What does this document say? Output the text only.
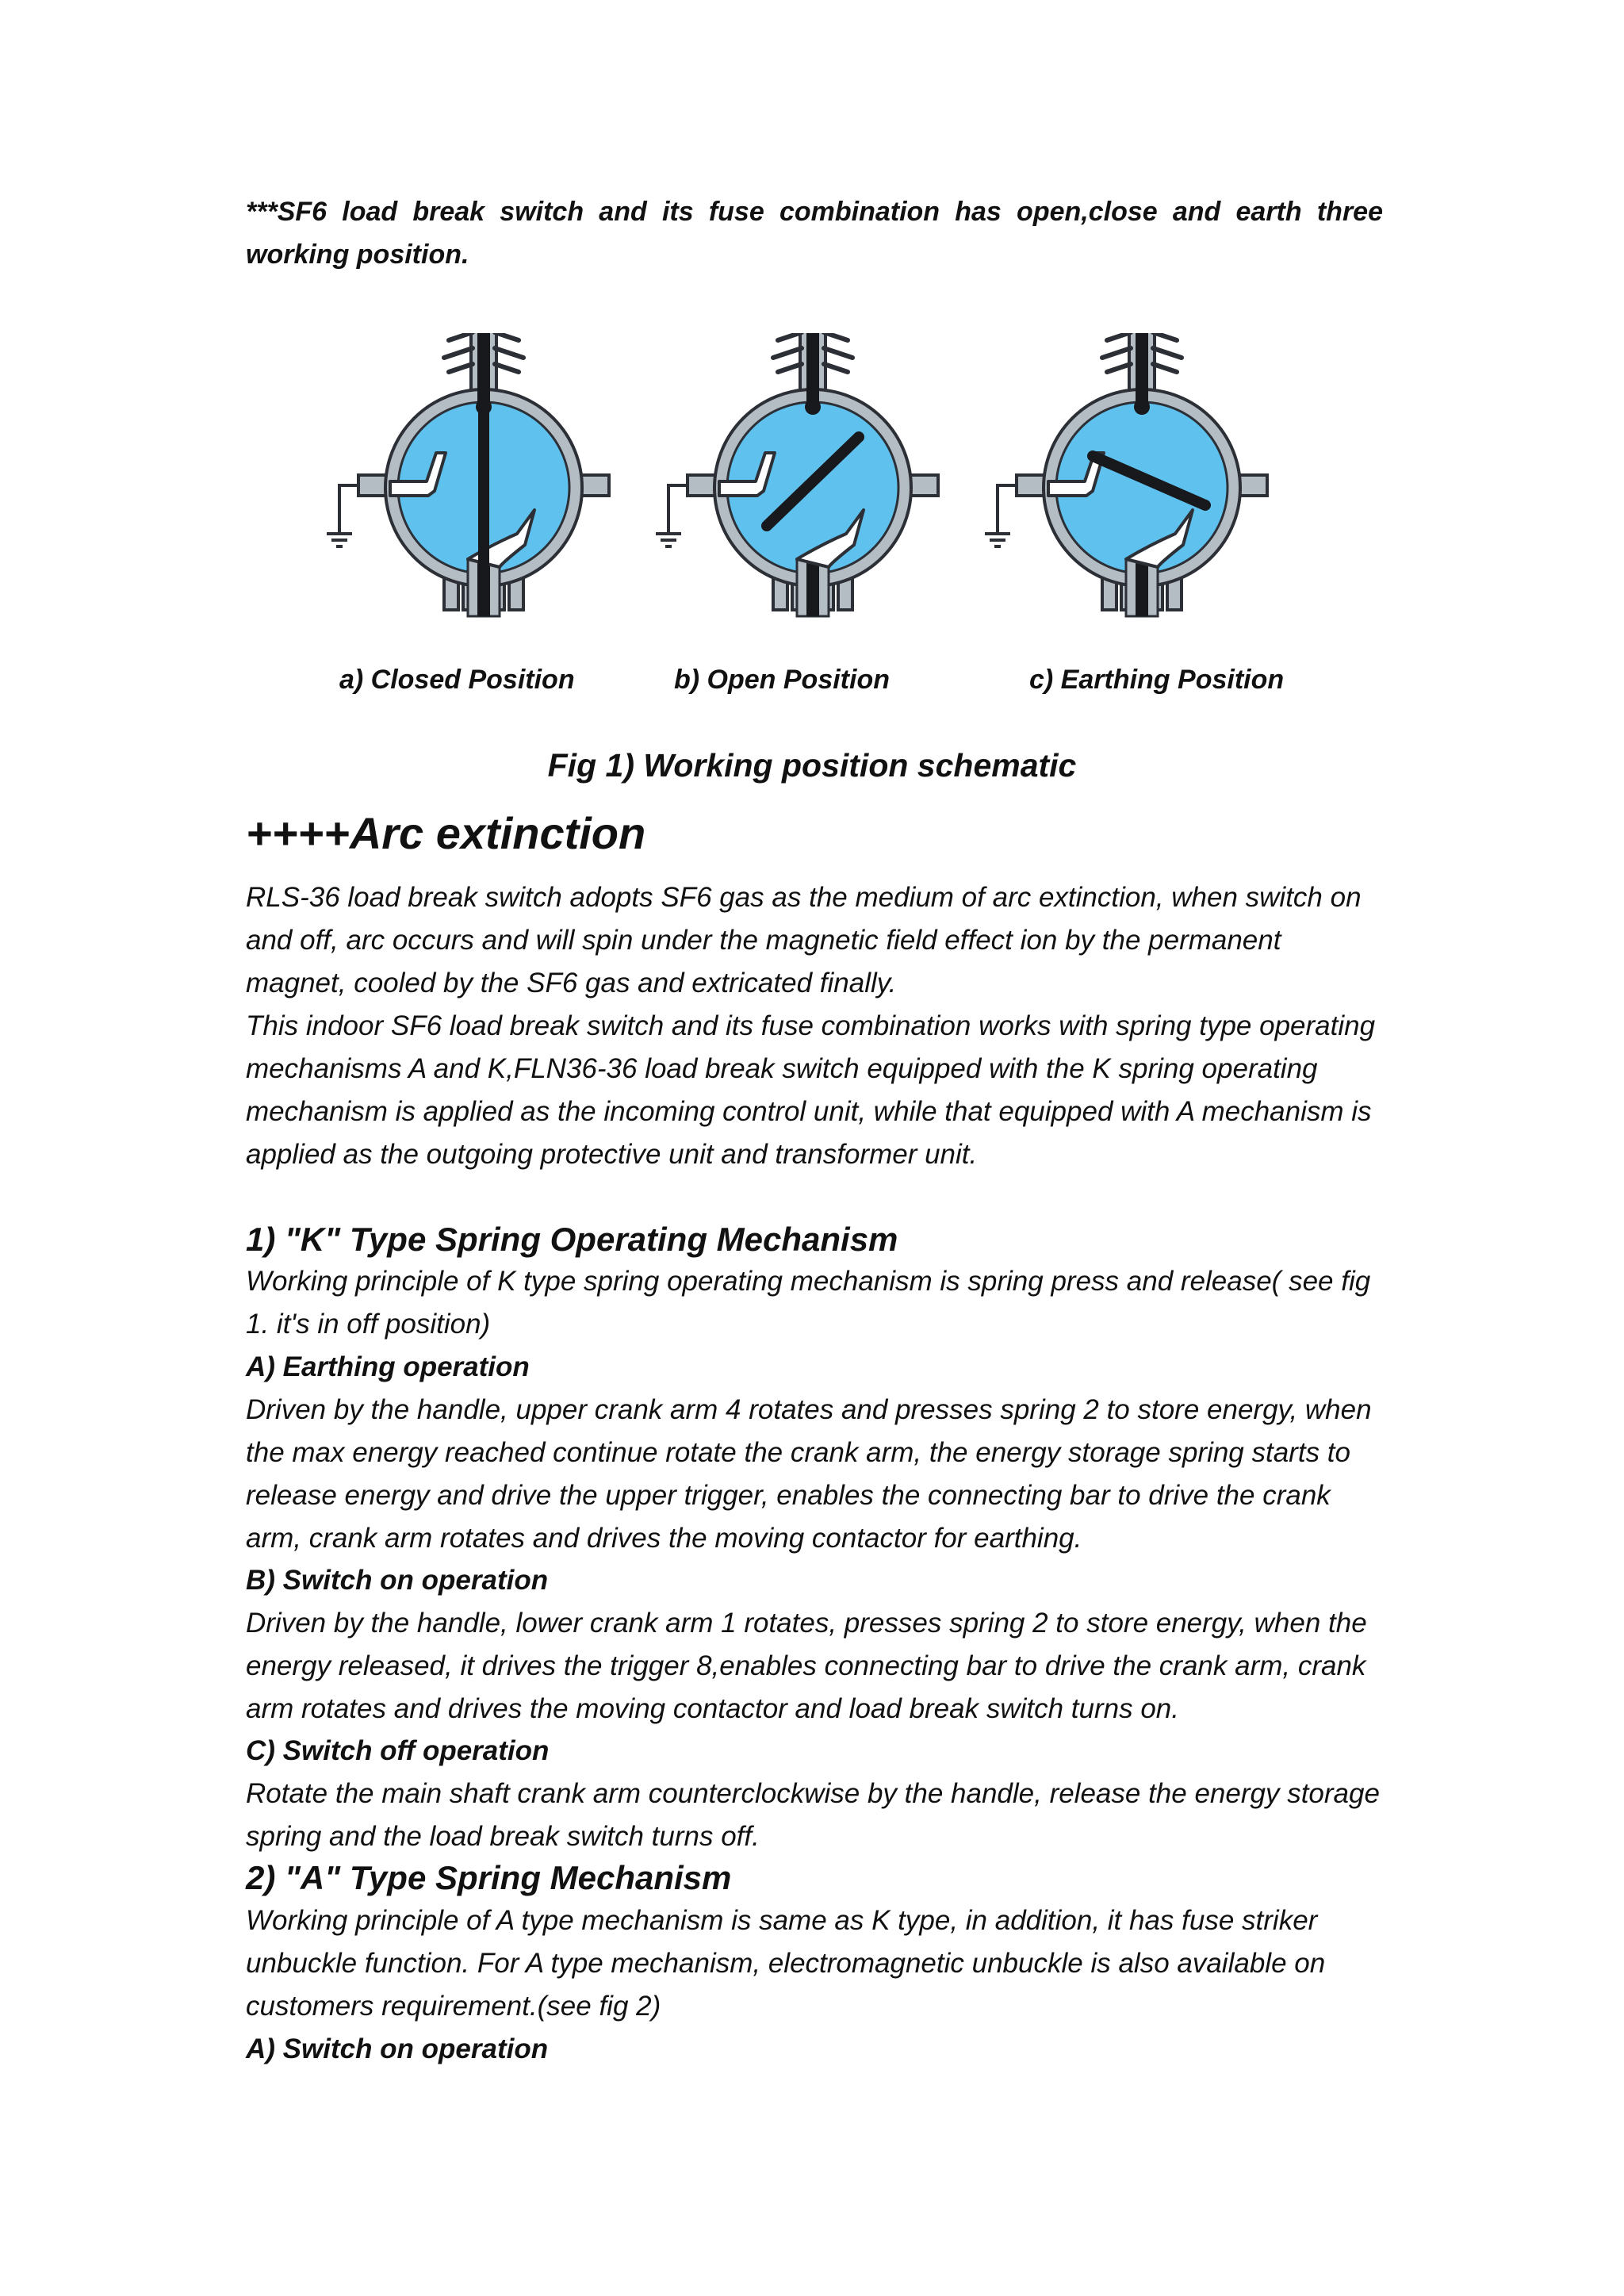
***SF6 load break switch and its fuse combination has open,close and earth three working position.

a) Closed Position	b) Open Position	c) Earthing Position

Fig 1) Working position schematic

++++Arc extinction

RLS-36 load break switch adopts SF6 gas as the medium of arc extinction, when switch on and off, arc occurs and will spin under the magnetic field effect ion by the permanent magnet, cooled by the SF6 gas and extricated finally.

This indoor SF6 load break switch and its fuse combination works with spring type operating mechanisms A and K,FLN36-36 load break switch equipped with the K spring operating mechanism is applied as the incoming control unit, while that equipped with A mechanism is applied as the outgoing protective unit and transformer unit.

1) "K" Type Spring Operating Mechanism

Working principle of K type spring operating mechanism is spring press and release( see fig 1. it's in off position)

A) Earthing operation

Driven by the handle, upper crank arm 4 rotates and presses spring 2 to store energy, when the max energy reached continue rotate the crank arm, the energy storage spring starts to release energy and drive the upper trigger, enables the connecting bar to drive the crank arm, crank arm rotates and drives the moving contactor for earthing.

B) Switch on operation

Driven by the handle, lower crank arm 1 rotates, presses spring 2 to store energy, when the energy released, it drives the trigger 8,enables connecting bar to drive the crank arm, crank arm rotates and drives the moving contactor and load break switch turns on.

C) Switch off operation

Rotate the main shaft crank arm counterclockwise by the handle, release the energy storage spring and the load break switch turns off.

2) "A" Type Spring Mechanism

Working principle of A type mechanism is same as K type, in addition, it has fuse striker unbuckle function. For A type mechanism, electromagnetic unbuckle is also available on customers requirement.(see fig 2)

A) Switch on operation
